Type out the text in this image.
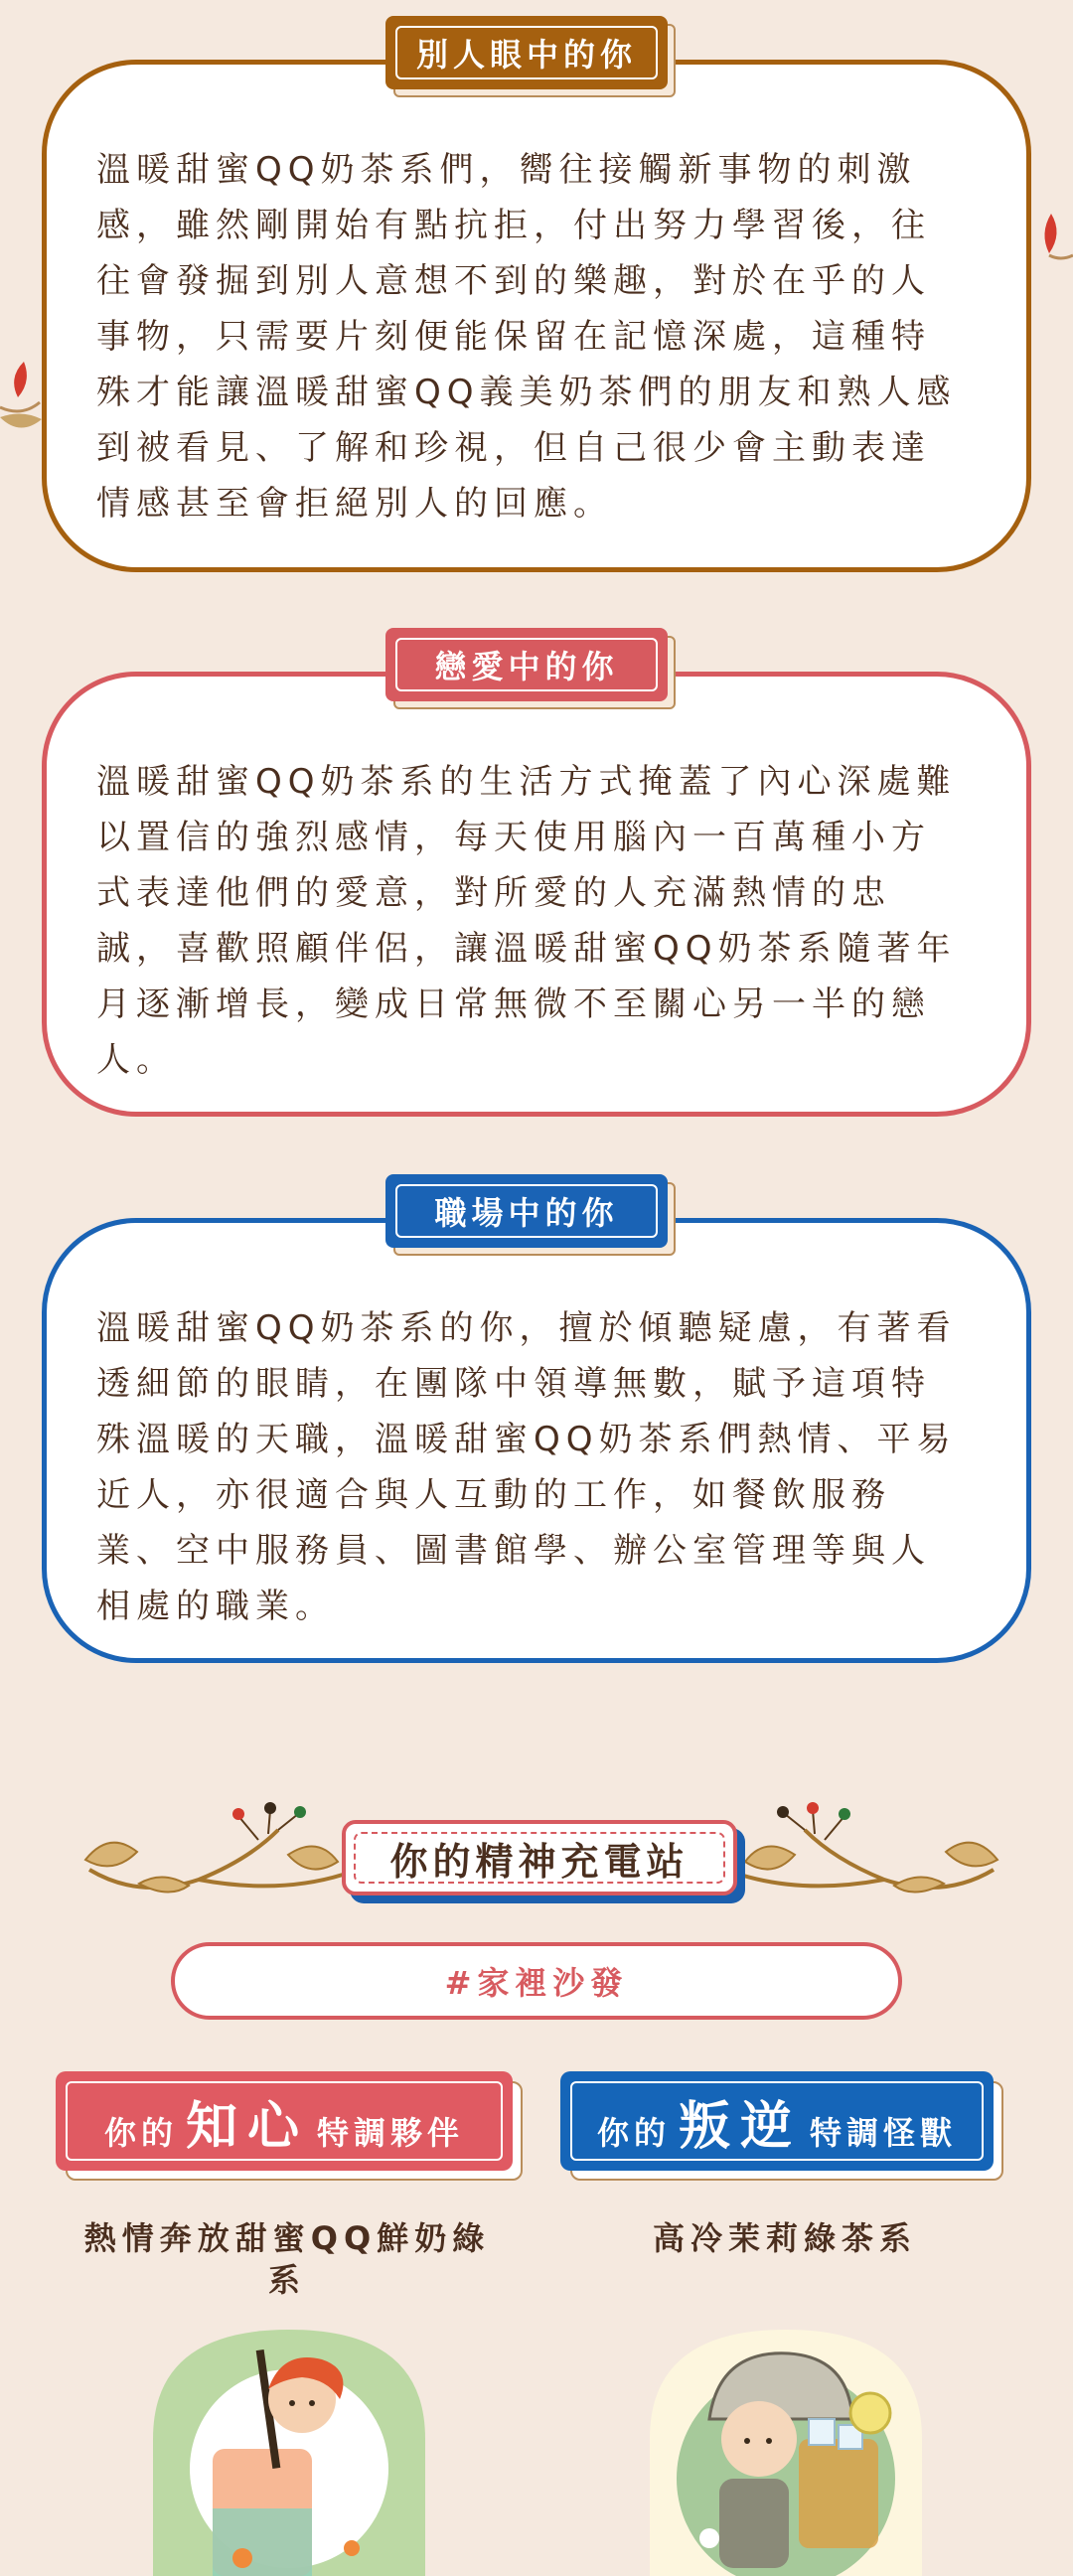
溫暖甜蜜QQ奶茶系們，嚮往接觸新事物的刺激感，雖然剛開始有點抗拒，付出努力學習後，往往會發掘到別人意想不到的樂趣，對於在乎的人事物，只需要片刻便能保留在記憶深處，這種特殊才能讓溫暖甜蜜QQ義美奶茶們的朋友和熟人感到被看見、了解和珍視，但自己很少會主動表達情感甚至會拒絕別人的回應。

別人眼中的你

溫暖甜蜜QQ奶茶系的生活方式掩蓋了內心深處難以置信的強烈感情，每天使用腦內一百萬種小方式表達他們的愛意，對所愛的人充滿熱情的忠誠，喜歡照顧伴侶，讓溫暖甜蜜QQ奶茶系隨著年月逐漸增長，變成日常無微不至關心另一半的戀人。

戀愛中的你

溫暖甜蜜QQ奶茶系的你，擅於傾聽疑慮，有著看透細節的眼睛，在團隊中領導無數，賦予這項特殊溫暖的天職，溫暖甜蜜QQ奶茶系們熱情、平易近人，亦很適合與人互動的工作，如餐飲服務業、空中服務員、圖書館學、辦公室管理等與人相處的職業。

職場中的你
你的精神充電站
#家裡沙發
你的 知心 特調夥伴	你的 叛逆 特調怪獸
熱情奔放甜蜜QQ鮮奶綠系
高冷茉莉綠茶系
